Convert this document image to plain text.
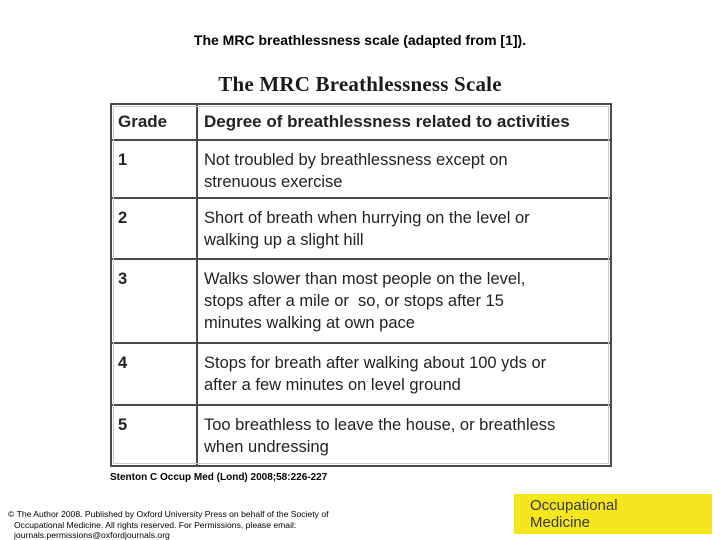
The MRC breathlessness scale (adapted from [1]).
The MRC Breathlessness Scale
Grade	Degree of breathlessness related to activities
1	Not troubled by breathlessness except on
strenuous exercise

2	Short of breath when hurrying on the level or
walking up a slight hill

3	Walks slower than most people on the level,
stops after a mile or  so, or stops after 15
minutes walking at own pace

4	Stops for breath after walking about 100 yds or
after a few minutes on level ground

5	Too breathless to leave the house, or breathless
when undressing
Stenton C Occup Med (Lond) 2008;58:226-227
© The Author 2008. Published by Oxford University Press on behalf of the Society of
Occupational Medicine. All rights reserved. For Permissions, please email:
journals.permissions@oxfordjournals.org
Occupational
Medicine
